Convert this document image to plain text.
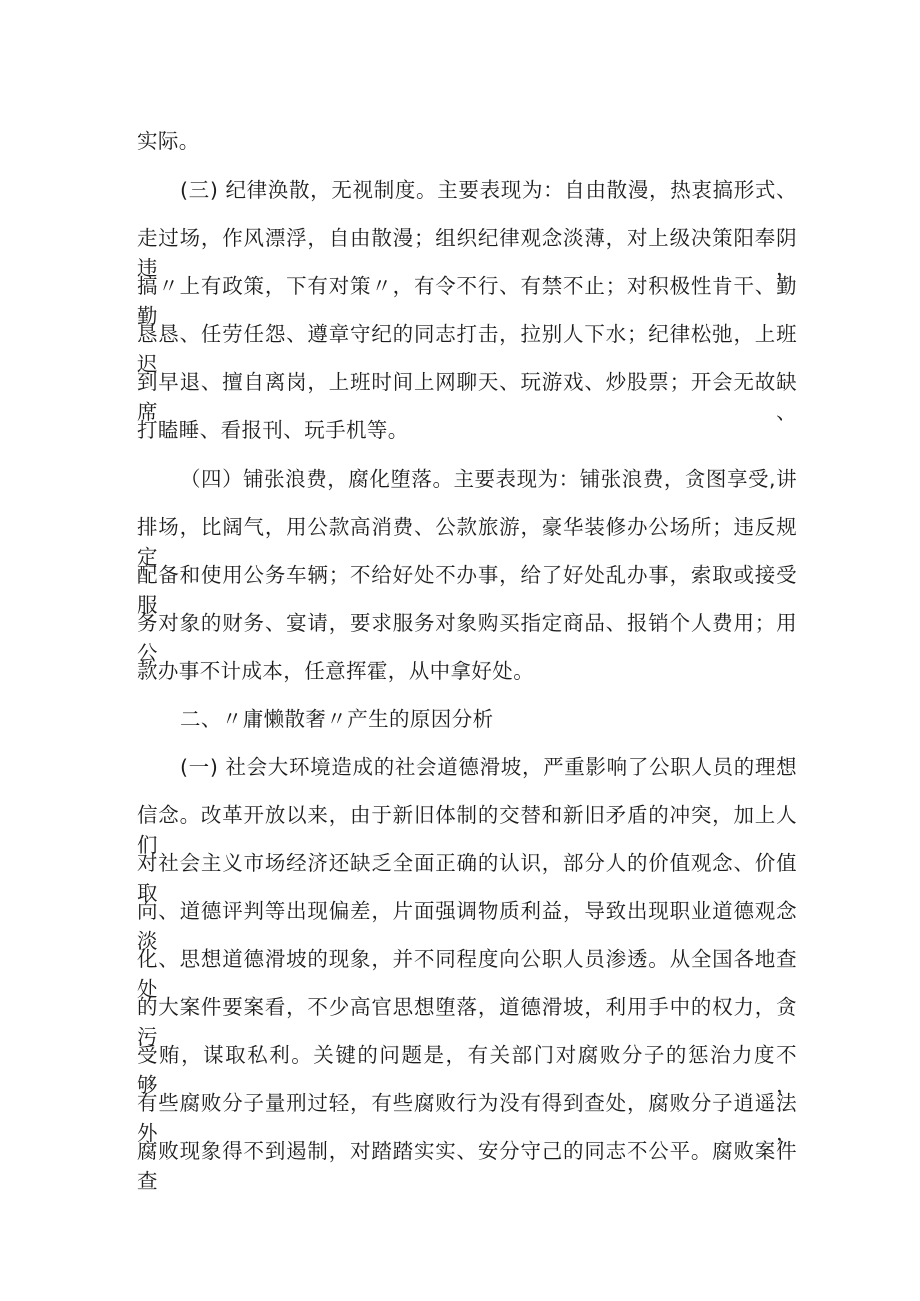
实际。
(三) 纪律涣散，无视制度。主要表现为：自由散漫，热衷搞形式、
走过场，作风漂浮，自由散漫；组织纪律观念淡薄，对上级决策阳奉阴违，
搞〃上有政策，下有对策〃，有令不行、有禁不止；对积极性肯干、勤勤
恳恳、任劳任怨、遵章守纪的同志打击，拉别人下水；纪律松弛，上班迟
到早退、擅自离岗，上班时间上网聊天、玩游戏、炒股票；开会无故缺席、
打瞌睡、看报刊、玩手机等。
（四）铺张浪费，腐化堕落。主要表现为：铺张浪费，贪图享受,讲
排场，比阔气，用公款高消费、公款旅游，豪华装修办公场所；违反规定
配备和使用公务车辆；不给好处不办事，给了好处乱办事，索取或接受服
务对象的财务、宴请，要求服务对象购买指定商品、报销个人费用；用公
款办事不计成本，任意挥霍，从中拿好处。
二、〃庸懒散奢〃产生的原因分析
(一) 社会大环境造成的社会道德滑坡，严重影响了公职人员的理想
信念。改革开放以来，由于新旧体制的交替和新旧矛盾的冲突，加上人们
对社会主义市场经济还缺乏全面正确的认识，部分人的价值观念、价值取
向、道德评判等出现偏差，片面强调物质利益，导致出现职业道德观念淡
化、思想道德滑坡的现象，并不同程度向公职人员渗透。从全国各地查处
的大案件要案看，不少高官思想堕落，道德滑坡，利用手中的权力，贪污
受贿，谋取私利。关键的问题是，有关部门对腐败分子的惩治力度不够，
有些腐败分子量刑过轻，有些腐败行为没有得到查处，腐败分子逍遥法外，
腐败现象得不到遏制，对踏踏实实、安分守己的同志不公平。腐败案件查
